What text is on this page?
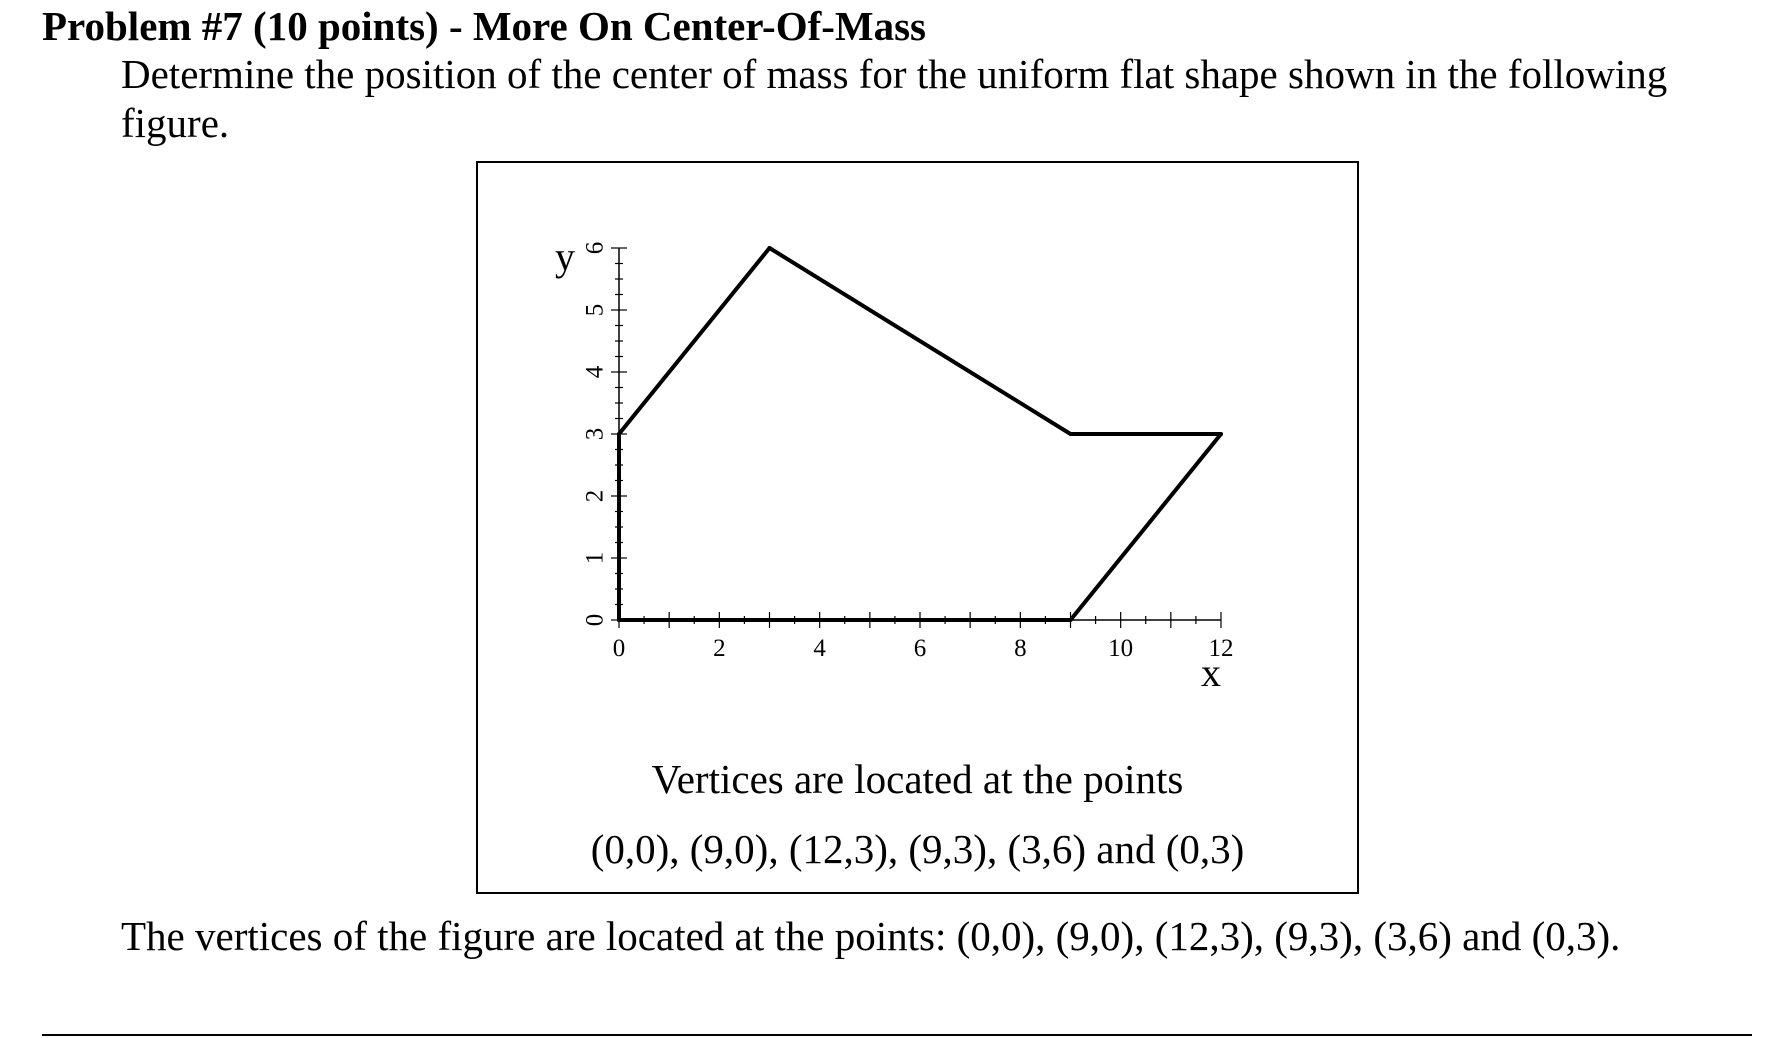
Problem #7 (10 points) - More On Center-Of-Mass
Determine the position of the center of mass for the uniform flat shape shown in the following figure.
0	2	4	6	8	10	12
0
1
2
3
4
5
6
x
y
Vertices are located at the points
(0,0), (9,0), (12,3), (9,3), (3,6) and (0,3)
The vertices of the figure are located at the points: (0,0), (9,0), (12,3), (9,3), (3,6) and (0,3).
